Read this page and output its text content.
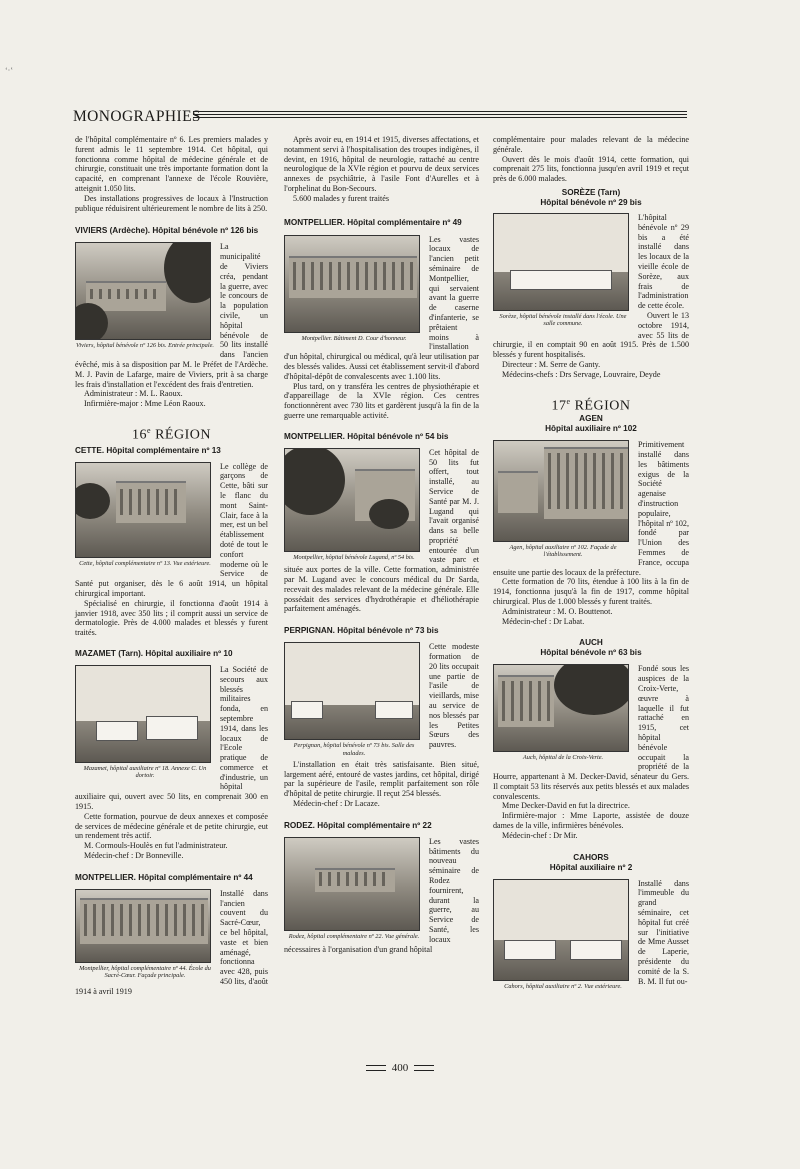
ʻ·ʽ
MONOGRAPHIES

de l'hôpital complémentaire nº 6. Les premiers malades y furent admis le 11 septembre 1914. Cet hôpital, qui fonctionna comme hôpital de médecine générale et de chirurgie, constituait une très importante formation dont la capacité, en comprenant l'annexe de l'école Rouvière, atteignit 1.050 lits.

Des installations progressives de locaux à l'Instruction publique réduisirent ultérieurement le nombre de lits à 250.

VIVIERS (Ardèche). Hôpital bénévole nº 126 bis

Viviers, hôpital bénévole nº 126 bis. Entrée principale.

La municipalité de Viviers créa, pendant la guerre, avec le concours de la population civile, un hôpital bénévole de 50 lits installé dans l'ancien évêché, mis à sa disposition par M. le Préfet de l'Ardèche. M. J. Pavin de Lafarge, maire de Viviers, prit à sa charge les frais d'installation et l'excédent des frais d'entretien.

Administrateur : M. L. Raoux.

Infirmière-major : Mme Léon Raoux.

16e RÉGION

CETTE. Hôpital complémentaire nº 13

Cette, hôpital complémentaire nº 13. Vue extérieure.

Le collège de garçons de Cette, bâti sur le flanc du mont Saint-Clair, face à la mer, est un bel établissement doté de tout le confort moderne où le Service de Santé put organiser, dès le 6 août 1914, un hôpital chirurgical important.

Spécialisé en chirurgie, il fonctionna d'août 1914 à janvier 1918, avec 350 lits ; il comprit aussi un service de dermatologie. Près de 4.000 malades et blessés y furent traités.

MAZAMET (Tarn). Hôpital auxiliaire nº 10

Mazamet, hôpital auxiliaire nº 18. Annexe C. Un dortoir.

La Société de secours aux blessés militaires fonda, en septembre 1914, dans les locaux de l'Ecole pratique de commerce et d'industrie, un hôpital auxiliaire qui, ouvert avec 50 lits, en comprenait 300 en 1915.

Cette formation, pourvue de deux annexes et composée de services de médecine générale et de petite chirurgie, eut un rendement très actif.

M. Cormouls-Houlès en fut l'administrateur.

Médecin-chef : Dr Bonneville.

MONTPELLIER. Hôpital complémentaire nº 44

Montpellier, hôpital complémentaire nº 44. École du Sacré-Cœur. Façade principale.

Installé dans l'ancien couvent du Sacré-Cœur, ce bel hôpital, vaste et bien aménagé, fonctionna avec 428, puis 450 lits, d'août 1914 à avril 1919

Après avoir eu, en 1914 et 1915, diverses affectations, et notamment servi à l'hospitalisation des troupes indigènes, il devint, en 1916, hôpital de neurologie, rattaché au centre neurologique de la XVIe région et pourvu de deux services annexes de psychiâtrie, à l'asile Font d'Aurelles et à l'orphelinat du Bon-Secours.

5.600 malades y furent traités

MONTPELLIER. Hôpital complémentaire nº 49

Montpellier. Bâtiment D. Cour d'honneur.

Les vastes locaux de l'ancien petit séminaire de Montpellier, qui servaient avant la guerre de caserne d'infanterie, se prêtaient moins à l'installation d'un hôpital, chirurgical ou médical, qu'à leur utilisation par des blessés valides. Aussi cet établissement servit-il d'abord d'hôpital-dépôt de convalescents avec 1.100 lits.

Plus tard, on y transféra les centres de physiothérapie et d'appareillage de la XVIe région. Ces centres fonctionnèrent avec 730 lits et gardèrent jusqu'à la fin de la guerre une remarquable activité.

MONTPELLIER. Hôpital bénévole nº 54 bis

Montpellier, hôpital bénévole Lugand, nº 54 bis.

Cet hôpital de 50 lits fut offert, tout installé, au Service de Santé par M. J. Lugand qui l'avait organisé dans sa belle propriété entourée d'un vaste parc et située aux portes de la ville. Cette formation, administrée par M. Lugand avec le concours médical du Dr Sarda, recevait des malades relevant de la médecine générale. Elle possédait des services d'hydrothérapie et d'héliothérapie parfaitement aménagés.

PERPIGNAN. Hôpital bénévole nº 73 bis

Perpignan, hôpital bénévole nº 73 bis. Salle des malades.

Cette modeste formation de 20 lits occupait une partie de l'asile de vieillards, mise au service de nos blessés par les Petites Sœurs des pauvres.

L'installation en était très satisfaisante. Bien situé, largement aéré, entouré de vastes jardins, cet hôpital, dirigé par la supérieure de l'asile, remplit parfaitement son rôle d'hôpital de petite chirurgie. Il reçut 254 blessés.

Médecin-chef : Dr Lacaze.

RODEZ. Hôpital complémentaire nº 22

Rodez, hôpital complémentaire nº 22. Vue générale.

Les vastes bâtiments du nouveau séminaire de Rodez fournirent, durant la guerre, au Service de Santé, les locaux nécessaires à l'organisation d'un grand hôpital

complémentaire pour malades relevant de la médecine générale.

Ouvert dès le mois d'août 1914, cette formation, qui comprenait 275 lits, fonctionna jusqu'en avril 1919 et reçut près de 6.000 malades.

SORÈZE (Tarn)

Hôpital bénévole nº 29 bis

Sorèze, hôpital bénévole installé dans l'école. Une salle commune.

L'hôpital bénévole nº 29 bis a été installé dans les locaux de la vieille école de Sorèze, aux frais de l'administration de cette école.

Ouvert le 13 octobre 1914, avec 55 lits de chirurgie, il en comptait 90 en août 1915. Près de 1.500 blessés y furent hospitalisés.

Directeur : M. Serre de Ganty.

Médecins-chefs : Drs Servage, Louvraire, Deyde

17e RÉGION

AGEN

Hôpital auxiliaire nº 102

Agen, hôpital auxiliaire nº 102. Façade de l'établissement.

Primitivement installé dans les bâtiments exigus de la Société agenaise d'instruction populaire, l'hôpital nº 102, fondé par l'Union des Femmes de France, occupa ensuite une partie des locaux de la préfecture.

Cette formation de 70 lits, étendue à 100 lits à la fin de 1914, fonctionna jusqu'à la fin de 1917, comme hôpital chirurgical. Plus de 1.000 blessés y furent traités.

Administrateur : M. O. Bouttenot.

Médecin-chef : Dr Labat.

AUCH

Hôpital bénévole nº 63 bis

Auch, hôpital de la Croix-Verte.

Fondé sous les auspices de la Croix-Verte, œuvre à laquelle il fut rattaché en 1915, cet hôpital bénévole occupait la propriété de la Hourre, appartenant à M. Decker-David, sénateur du Gers. Il comptait 53 lits réservés aux petits blessés et aux malades convalescents.

Mme Decker-David en fut la directrice.

Infirmière-major : Mme Laporte, assistée de douze dames de la ville, infirmières bénévoles.

Médecin-chef : Dr Mir.

CAHORS

Hôpital auxiliaire nº 2

Cahors, hôpital auxiliaire nº 2. Vue extérieure.

Installé dans l'immeuble du grand séminaire, cet hôpital fut créé sur l'initiative de Mme Ausset de Laperie, présidente du comité de la S. B. M. Il fut ou-

400
